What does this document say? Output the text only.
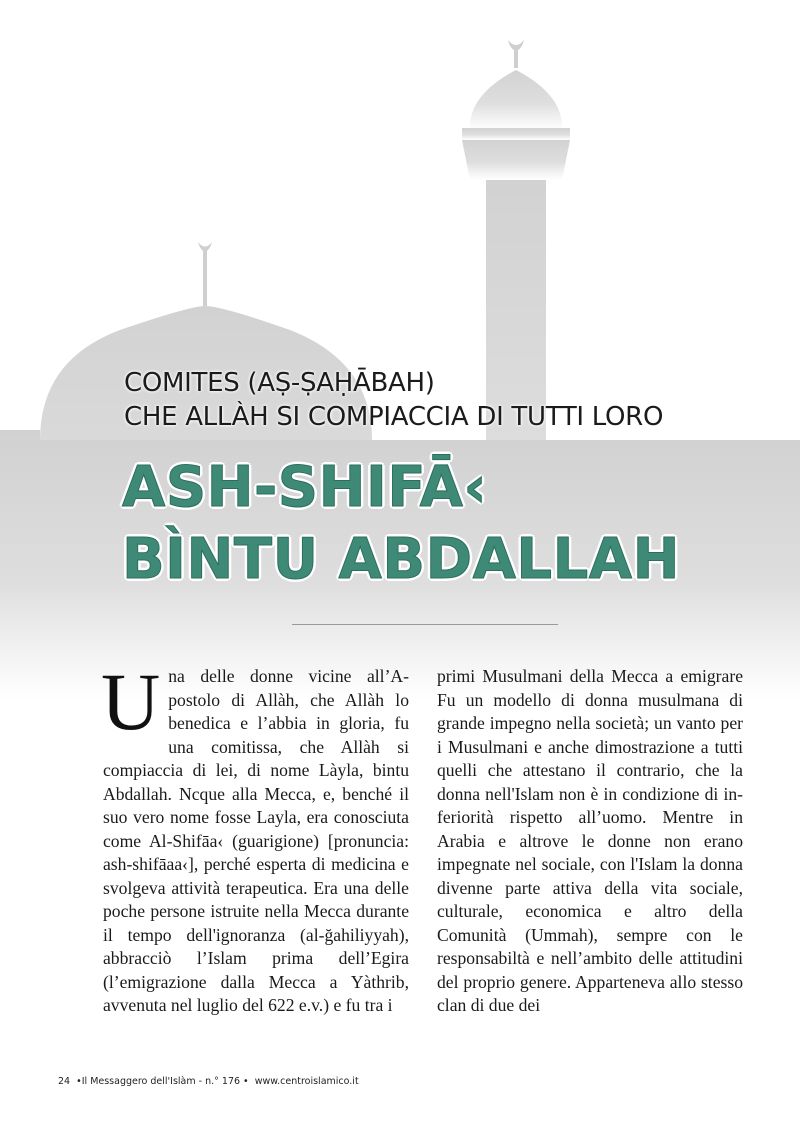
COMITES (AṢ-ṢAḤĀBAH)
CHE ALLÀH SI COMPIACCIA DI TUTTI LORO
ASH-SHIFĀ‹
BÌNTU ABDALLAH
U na delle donne vicine all’Apostolo di Allàh, che Allàh lo benedica e l’abbia in gloria, fu una comitissa, che Allàh si compiaccia di lei, di nome Làyla, bintu Abdallah. Ncque alla Mecca, e, benché il suo vero nome fosse Layla, era conosciuta come Al-Shifāa‹ (guarigione) [pronuncia: ash-shifāaa‹], perché esperta di medicina e svolgeva attività terapeutica. Era una delle poche persone istruite nella Mecca durante il tempo dell'ignoranza (al-ğahiliyyah), abbracciò l’Islam prima dell’Egira (l’emigrazione dalla Mecca a Yàthrib, avvenuta nel luglio del 622 e.v.) e fu tra i
primi Musulmani della Mecca a emigrare Fu un modello di donna musulmana di grande impegno nella società; un vanto per i Musulmani e anche dimostrazione a tutti quelli che attestano il contrario, che la donna nell'Islam non è in condizione di inferiorità rispetto all’uomo. Mentre in Arabia e altrove le donne non erano impegnate nel sociale, con l'Islam la donna divenne parte attiva della vita sociale, culturale, economica e altro della Comunità (Ummah), sempre con le responsabiltà e nell’ambito delle attitudini del proprio genere. Apparteneva allo stesso clan di due dei
24 •Il Messaggero dell'Islàm - n.° 176 • www.centroislamico.it
